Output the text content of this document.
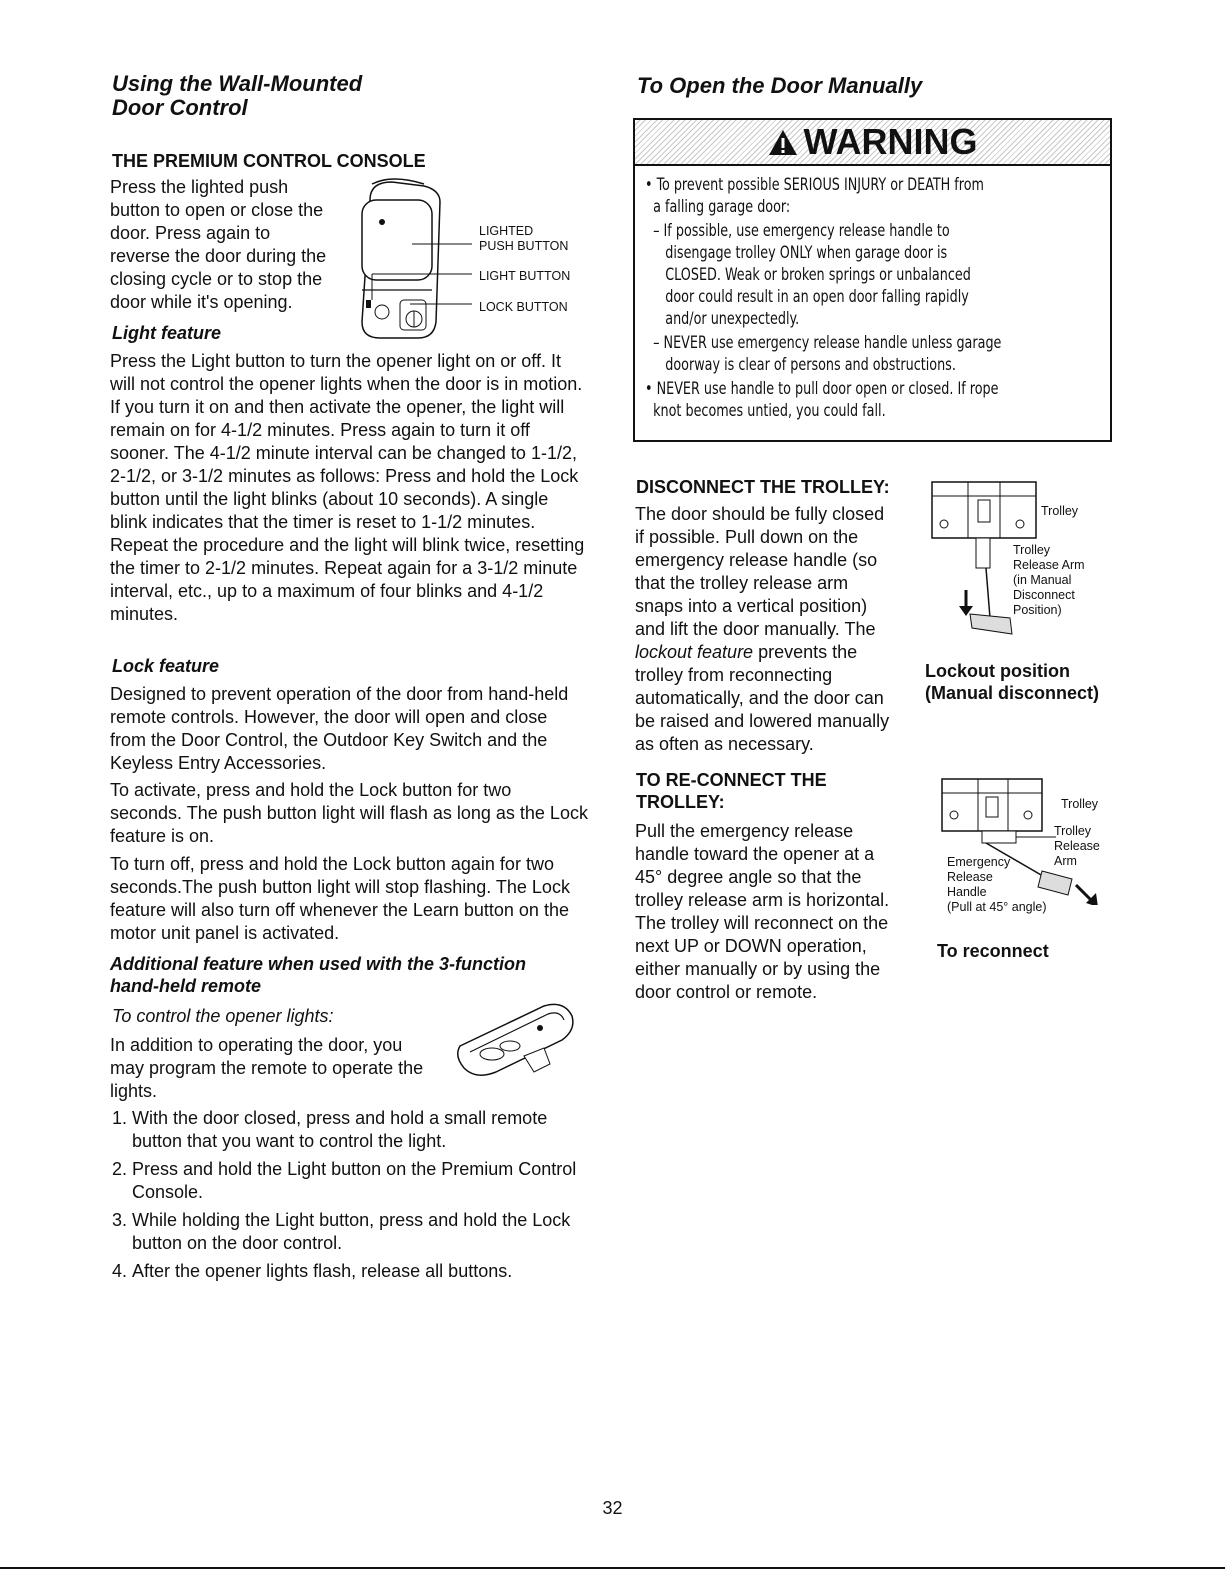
Using the Wall-Mounted
Door Control
THE PREMIUM CONTROL CONSOLE
Press the lighted push
button to open or close the
door. Press again to
reverse the door during the
closing cycle or to stop the
door while it's opening.
LIGHTED
PUSH BUTTON
LIGHT BUTTON
LOCK BUTTON
Light feature
Press the Light button to turn the opener light on or off. It will not control the opener lights when the door is in motion. If you turn it on and then activate the opener, the light will remain on for 4-1/2 minutes. Press again to turn it off sooner. The 4-1/2 minute interval can be changed to 1-1/2, 2-1/2, or 3-1/2 minutes as follows: Press and hold the Lock button until the light blinks (about 10 seconds). A single blink indicates that the timer is reset to 1-1/2 minutes. Repeat the procedure and the light will blink twice, resetting the timer to 2-1/2 minutes. Repeat again for a 3-1/2 minute interval, etc., up to a maximum of four blinks and 4-1/2 minutes.
Lock feature
Designed to prevent operation of the door from hand-held remote controls. However, the door will open and close from the Door Control, the Outdoor Key Switch and the Keyless Entry Accessories.
To activate, press and hold the Lock button for two seconds. The push button light will flash as long as the Lock feature is on.
To turn off, press and hold the Lock button again for two seconds.The push button light will stop flashing. The Lock feature will also turn off whenever the Learn button on the motor unit panel is activated.
Additional feature when used with the 3-function
hand-held remote
To control the opener lights:
In addition to operating the door, you may program the remote to operate the lights.
1. With the door closed, press and hold a small remote button that you want to control the light.
2. Press and hold the Light button on the Premium Control Console.
3. While holding the Light button, press and hold the Lock button on the door control.
4. After the opener lights flash, release all buttons.
To Open the Door Manually
WARNING
• To prevent possible SERIOUS INJURY or DEATH from
a falling garage door:
– If possible, use emergency release handle to
disengage trolley ONLY when garage door is
CLOSED. Weak or broken springs or unbalanced
door could result in an open door falling rapidly
and/or unexpectedly.
– NEVER use emergency release handle unless garage
doorway is clear of persons and obstructions.
• NEVER use handle to pull door open or closed. If rope
knot becomes untied, you could fall.
DISCONNECT THE TROLLEY:
The door should be fully closed
if possible. Pull down on the
emergency release handle (so
that the trolley release arm
snaps into a vertical position)
and lift the door manually. The
lockout feature prevents the
trolley from reconnecting
automatically, and the door can
be raised and lowered manually
as often as necessary.
Trolley
Trolley
Release Arm
(in Manual
Disconnect
Position)
Lockout position
(Manual disconnect)
TO RE-CONNECT THE
TROLLEY:
Pull the emergency release
handle toward the opener at a
45° degree angle so that the
trolley release arm is horizontal.
The trolley will reconnect on the
next UP or DOWN operation,
either manually or by using the
door control or remote.
Trolley
Trolley
Release
Arm
Emergency
Release
Handle
(Pull at 45° angle)
To reconnect
32
